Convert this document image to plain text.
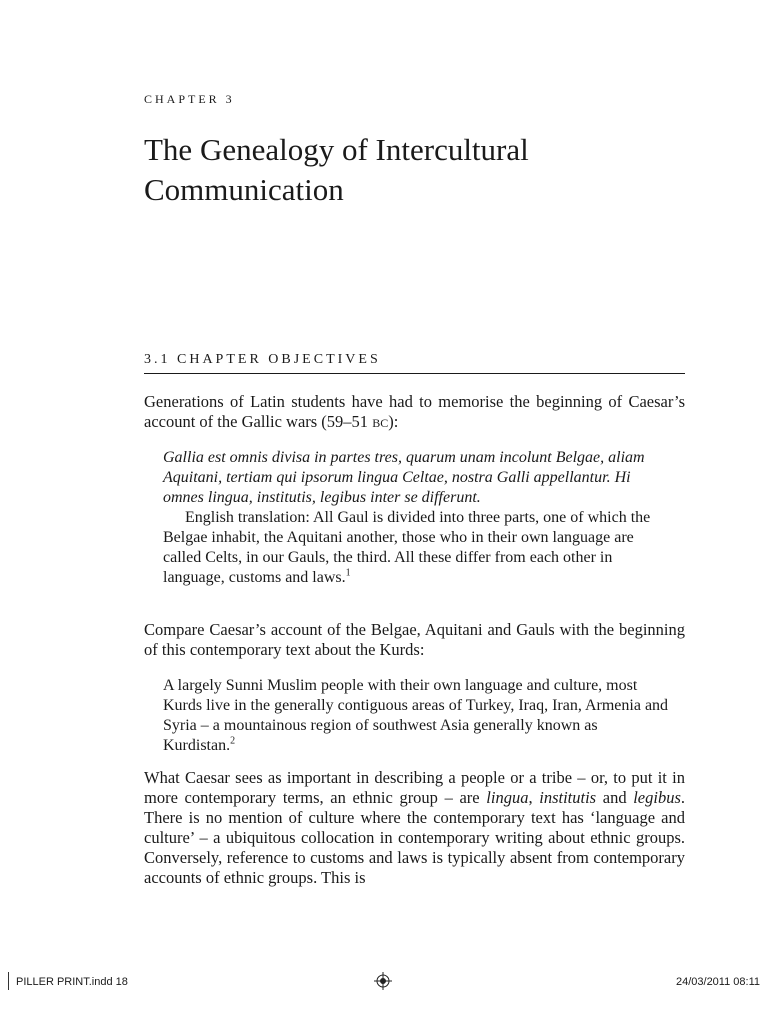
CHAPTER 3
The Genealogy of Intercultural
Communication
3.1 CHAPTER OBJECTIVES

Generations of Latin students have had to memorise the beginning of Caesar’s account of the Gallic wars (59–51 bc):

Gallia est omnis divisa in partes tres, quarum unam incolunt Belgae, aliam Aquitani, tertiam qui ipsorum lingua Celtae, nostra Galli appellantur. Hi omnes lingua, institutis, legibus inter se differunt.
English translation: All Gaul is divided into three parts, one of which the Belgae inhabit, the Aquitani another, those who in their own language are called Celts, in our Gauls, the third. All these differ from each other in language, customs and laws.$^1$

Compare Caesar’s account of the Belgae, Aquitani and Gauls with the beginning of this contemporary text about the Kurds:

A largely Sunni Muslim people with their own language and culture, most Kurds live in the generally contiguous areas of Turkey, Iraq, Iran, Armenia and Syria – a mountainous region of southwest Asia generally known as Kurdistan.$^2$

What Caesar sees as important in describing a people or a tribe – or, to put it in more contemporary terms, an ethnic group – are lingua, institutis and legibus. There is no mention of culture where the contemporary text has ‘language and culture’ – a ubiquitous collocation in contemporary writing about ethnic groups. Conversely, reference to customs and laws is typically absent from contemporary accounts of ethnic groups. This is

PILLER PRINT.indd 18	24/03/2011 08:11
